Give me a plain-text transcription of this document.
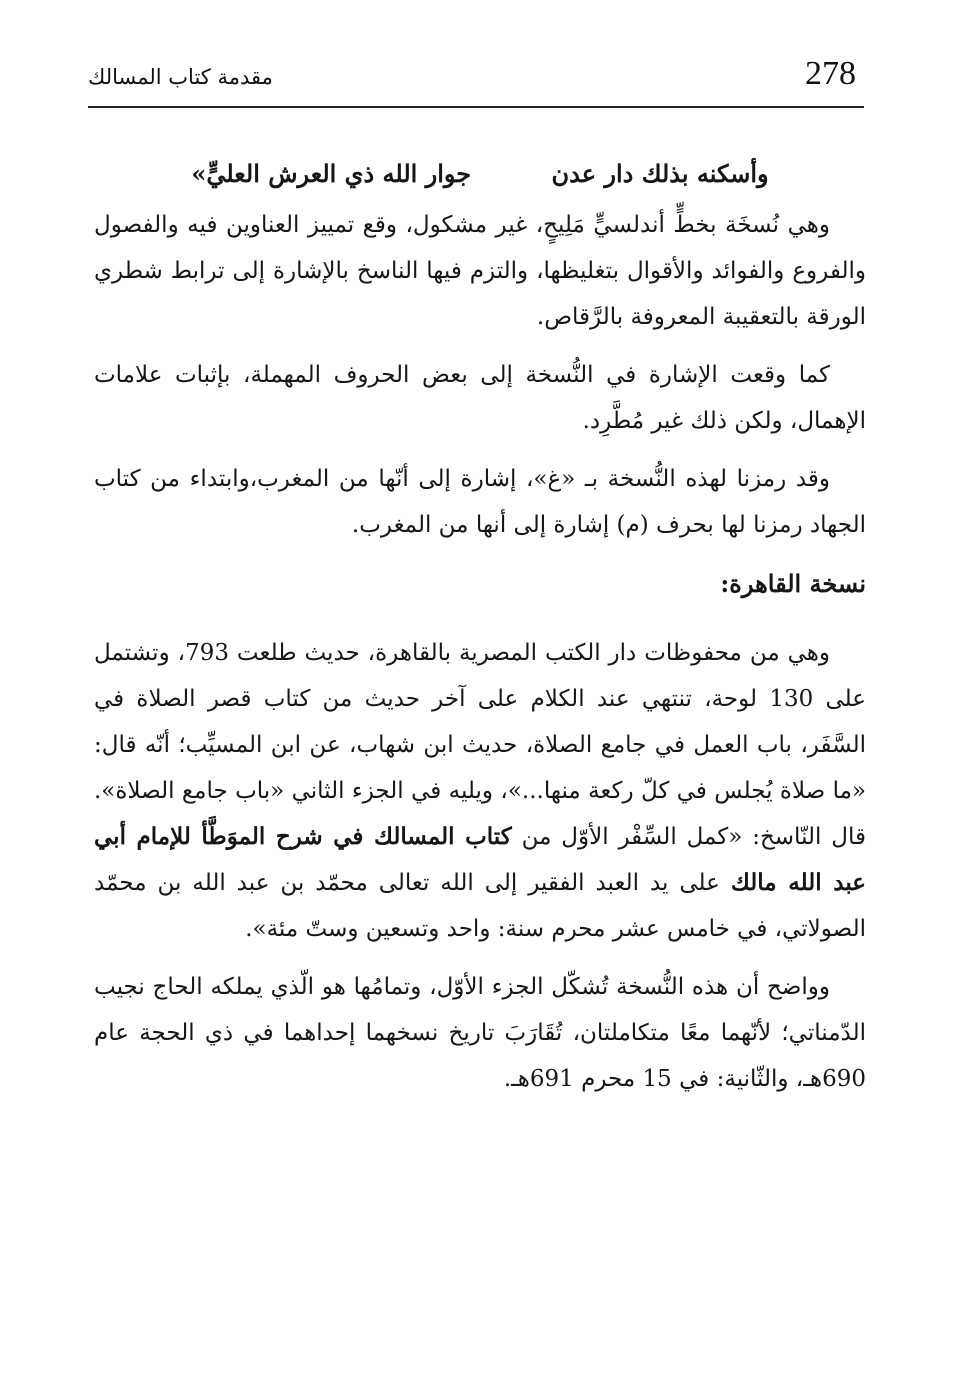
278
مقدمة كتاب المسالك
وأسكنه بذلك دار عدن جوار الله ذي العرش العليٍّ»

وهي نُسخَة بخطٍّ أندلسيٍّ مَلِيحٍ، غير مشكول، وقع تمييز العناوين فيه والفصول والفروع والفوائد والأقوال بتغليظها، والتزم فيها الناسخ بالإشارة إلى ترابط شطري الورقة بالتعقيبة المعروفة بالرَّقاص.

كما وقعت الإشارة في النُّسخة إلى بعض الحروف المهملة، بإثبات علامات الإهمال، ولكن ذلك غير مُطَّرِد.

وقد رمزنا لهذه النُّسخة بـ «غ»، إشارة إلى أنّها من المغرب،وابتداء من كتاب الجهاد رمزنا لها بحرف (م) إشارة إلى أنها من المغرب.

نسخة القاهرة:

وهي من محفوظات دار الكتب المصرية بالقاهرة، حديث طلعت 793، وتشتمل على 130 لوحة، تنتهي عند الكلام على آخر حديث من كتاب قصر الصلاة في السَّفَر، باب العمل في جامع الصلاة، حديث ابن شهاب، عن ابن المسيِّب؛ أنّه قال: «ما صلاة يُجلس في كلّ ركعة منها...»، ويليه في الجزء الثاني «باب جامع الصلاة». قال النّاسخ: «كمل السِّفْر الأوّل من كتاب المسالك في شرح الموَطَّأ للإمام أبي عبد الله مالك على يد العبد الفقير إلى الله تعالى محمّد بن عبد الله بن محمّد الصولاتي، في خامس عشر محرم سنة: واحد وتسعين وستّ مئة».

وواضح أن هذه النُّسخة تُشكّل الجزء الأوّل، وتمامُها هو الّذي يملكه الحاج نجيب الدّمناتي؛ لأنّهما معًا متكاملتان، تُقَارَبَ تاريخ نسخهما إحداهما في ذي الحجة عام 690هـ، والثّانية: في 15 محرم 691هـ.
